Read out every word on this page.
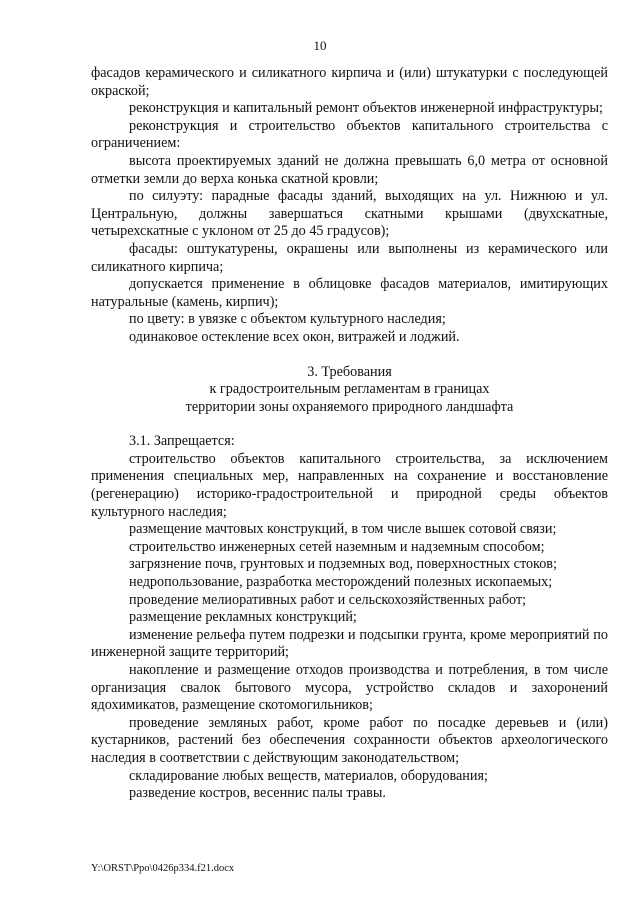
10

фасадов керамического и силикатного кирпича и (или) штукатурки с последующей окраской;

реконструкция и капитальный ремонт объектов инженерной инфраструктуры;

реконструкция и строительство объектов капитального строительства с ограничением:

высота проектируемых зданий не должна превышать 6,0 метра от основной отметки земли до верха конька скатной кровли;

по силуэту: парадные фасады зданий, выходящих на ул. Нижнюю и ул. Центральную, должны завершаться скатными крышами (двухскатные, четырехскатные с уклоном от 25 до 45 градусов);

фасады: оштукатурены, окрашены или выполнены из керамического или силикатного кирпича;

допускается применение в облицовке фасадов материалов, имитирующих натуральные (камень, кирпич);

по цвету: в увязке с объектом культурного наследия;

одинаковое остекление всех окон, витражей и лоджий.

3. Требования

к градостроительным регламентам в границах

территории зоны охраняемого природного ландшафта

3.1. Запрещается:

строительство объектов капитального строительства, за исключением применения специальных мер, направленных на сохранение и восстановление (регенерацию) историко-градостроительной и природной среды объектов культурного наследия;

размещение мачтовых конструкций, в том числе вышек сотовой связи;

строительство инженерных сетей наземным и надземным способом;

загрязнение почв, грунтовых и подземных вод, поверхностных стоков;

недропользование, разработка месторождений полезных ископаемых;

проведение мелиоративных работ и сельскохозяйственных работ;

размещение рекламных конструкций;

изменение рельефа путем подрезки и подсыпки грунта, кроме мероприятий по инженерной защите территорий;

накопление и размещение отходов производства и потребления, в том числе организация свалок бытового мусора, устройство складов и захоронений ядохимикатов, размещение скотомогильников;

проведение земляных работ, кроме работ по посадке деревьев и (или) кустарников, растений без обеспечения сохранности объектов археологического наследия в соответствии с действующим законодательством;

складирование любых веществ, материалов, оборудования;

разведение костров, весеннис палы травы.

Y:\ORST\Ppo\0426p334.f21.docx
